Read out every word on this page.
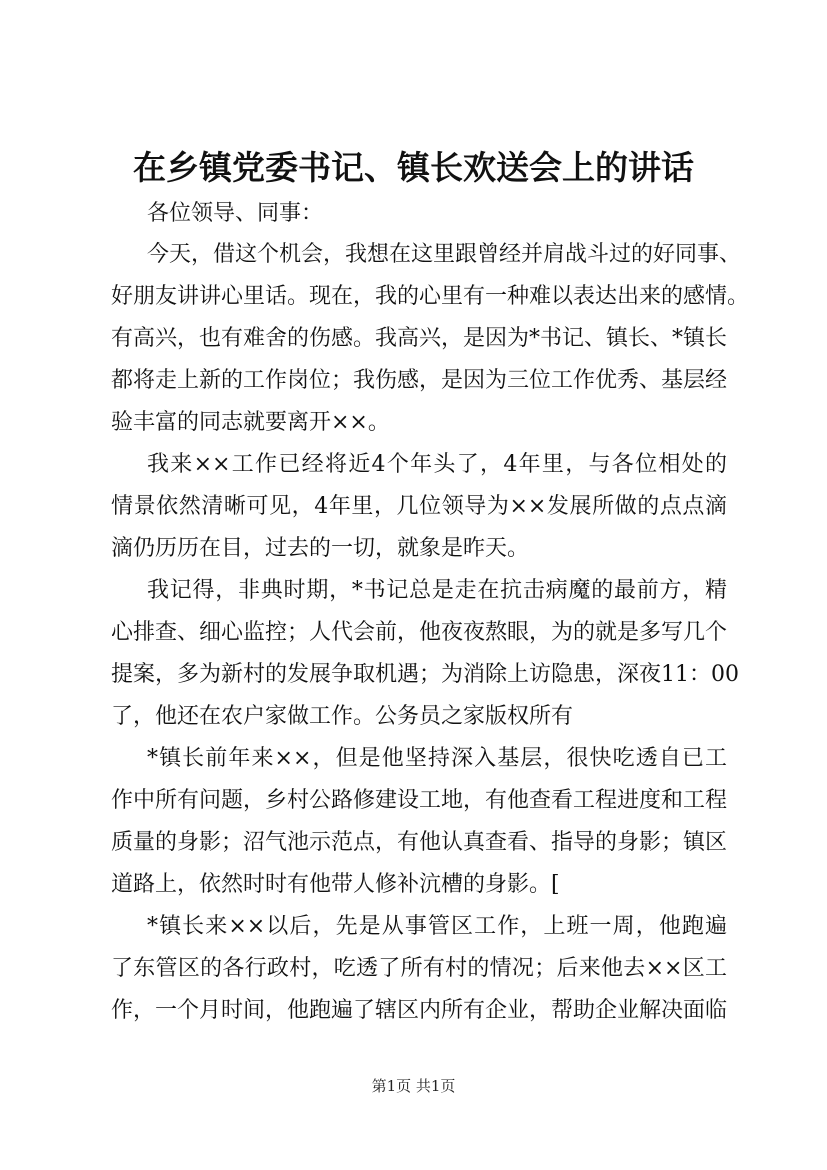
在乡镇党委书记、镇长欢送会上的讲话
各位领导、同事：
今天，借这个机会，我想在这里跟曾经并肩战斗过的好同事、
好朋友讲讲心里话。现在，我的心里有一种难以表达出来的感情。
有高兴，也有难舍的伤感。我高兴，是因为*书记、镇长、*镇长
都将走上新的工作岗位；我伤感，是因为三位工作优秀、基层经
验丰富的同志就要离开××。
我来××工作已经将近4个年头了，4年里，与各位相处的
情景依然清晰可见，4年里，几位领导为××发展所做的点点滴
滴仍历历在目，过去的一切，就象是昨天。
我记得，非典时期，*书记总是走在抗击病魔的最前方，精
心排查、细心监控；人代会前，他夜夜熬眼，为的就是多写几个
提案，多为新村的发展争取机遇；为消除上访隐患，深夜11：00
了，他还在农户家做工作。公务员之家版权所有
*镇长前年来××，但是他坚持深入基层，很快吃透自已工
作中所有问题，乡村公路修建设工地，有他查看工程进度和工程
质量的身影；沼气池示范点，有他认真查看、指导的身影；镇区
道路上，依然时时有他带人修补沆槽的身影。[
*镇长来××以后，先是从事管区工作，上班一周，他跑遍
了东管区的各行政村，吃透了所有村的情况；后来他去××区工
作，一个月时间，他跑遍了辖区内所有企业，帮助企业解决面临
第1页 共1页
